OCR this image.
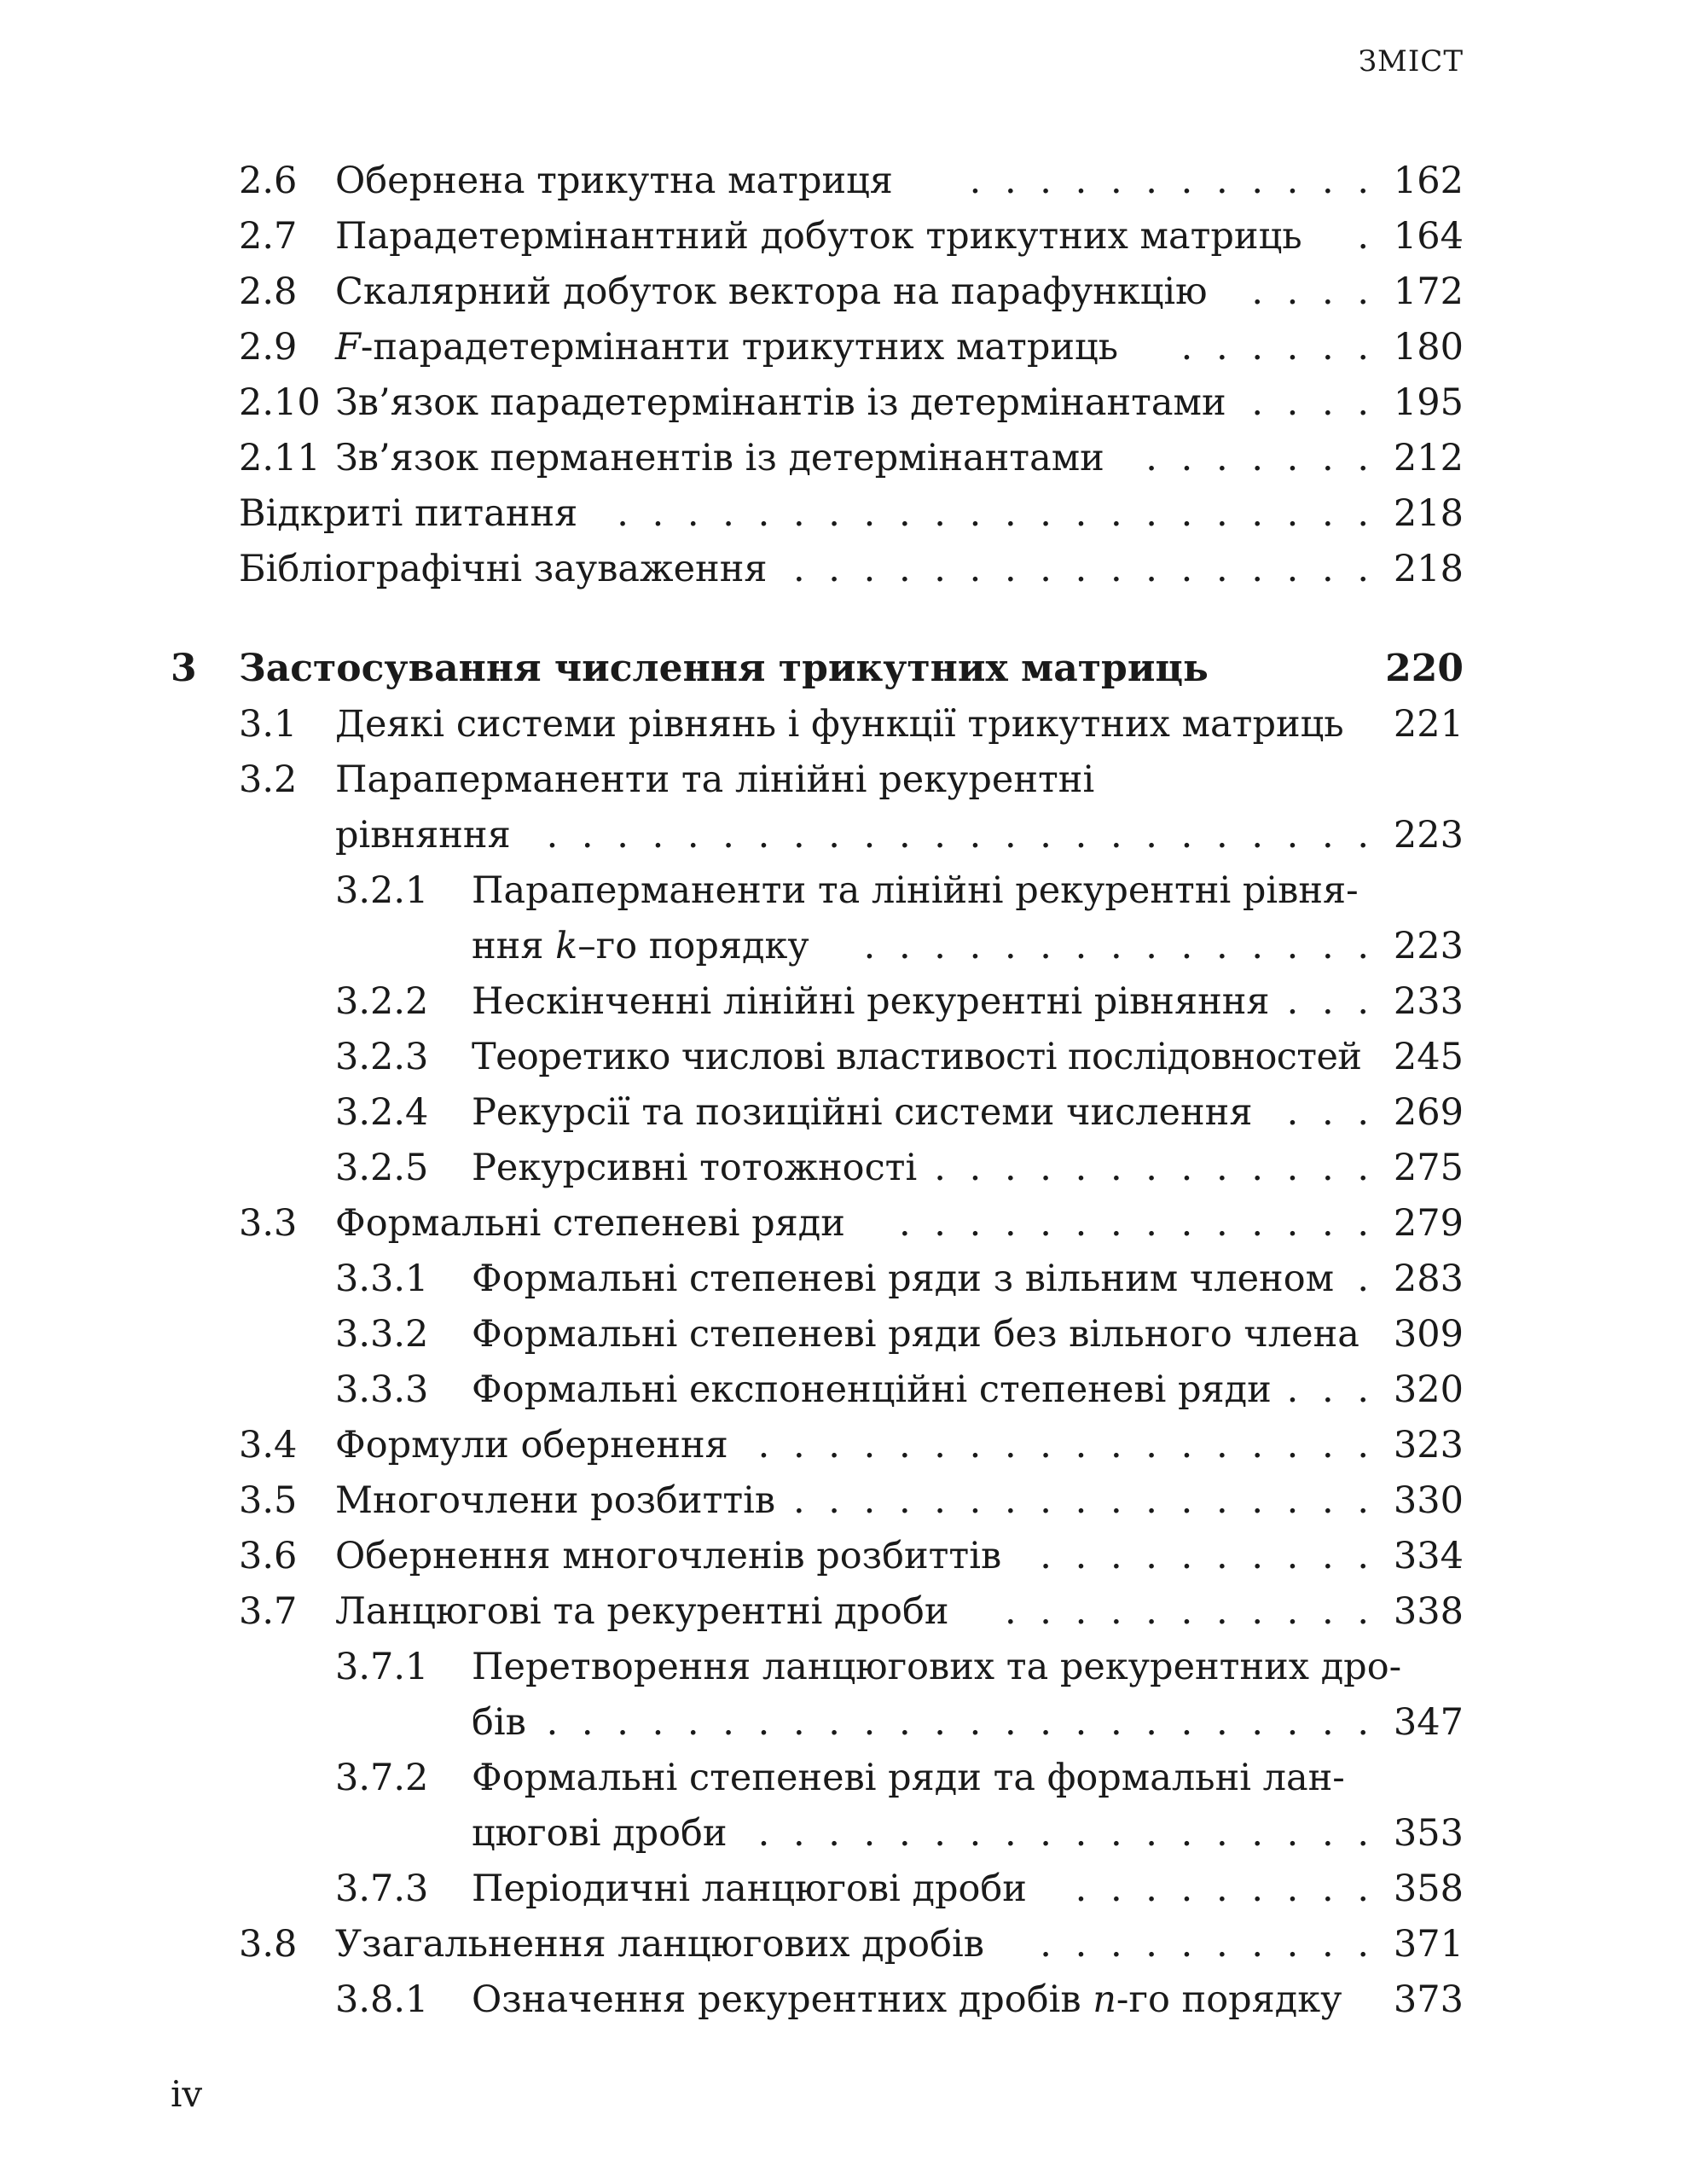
ЗМІСТ
2.6 Обернена трикутна матриця . . .	162
2.7 Парадетермінантний добуток трикутних матриць . . . 164
2.8 Скалярний добуток вектора на парафункцію . . .	172
2.9 F-парадетермінанти трикутних матриць . . .	180
2.10 Зв’язок парадетермінантів із детермінантами . . .	195
2.11 Зв’язок перманентів із детермінантами . . .	212
Відкриті питання . . .	218
Бібліографічні зауваження . . .	218
3 Застосування числення трикутних матриць	220
3.1 Деякі системи рівнянь і функції трикутних матриць 221
3.2 Параперманенти та лінійні рекурентні
рівняння . . .	223
3.2.1 Параперманенти та лінійні рекурентні рівня-
ння k–го порядку . . .	223
3.2.2 Нескінченні лінійні рекурентні рівняння . . .	233
3.2.3 Теоретико числові властивості послідовностей 245
3.2.4 Рекурсії та позиційні системи числення . . .	269
3.2.5 Рекурсивні тотожності . . .	275
3.3 Формальні степеневі ряди . . .	279
3.3.1 Формальні степеневі ряди з вільним членом . . . 283
3.3.2 Формальні степеневі ряди без вільного члена 309
3.3.3 Формальні експоненційні степеневі ряди . . .	320
3.4 Формули обернення . . .	323
3.5 Многочлени розбиттів . . .	330
3.6 Обернення многочленів розбиттів . . .	334
3.7 Ланцюгові та рекурентні дроби . . .	338
3.7.1 Перетворення ланцюгових та рекурентних дро-
бів . . .	347
3.7.2 Формальні степеневі ряди та формальні лан-
цюгові дроби . . .	353
3.7.3 Періодичні ланцюгові дроби . . .	358
3.8 Узагальнення ланцюгових дробів . . .	371
3.8.1 Означення рекурентних дробів n-го порядку 373
iv
